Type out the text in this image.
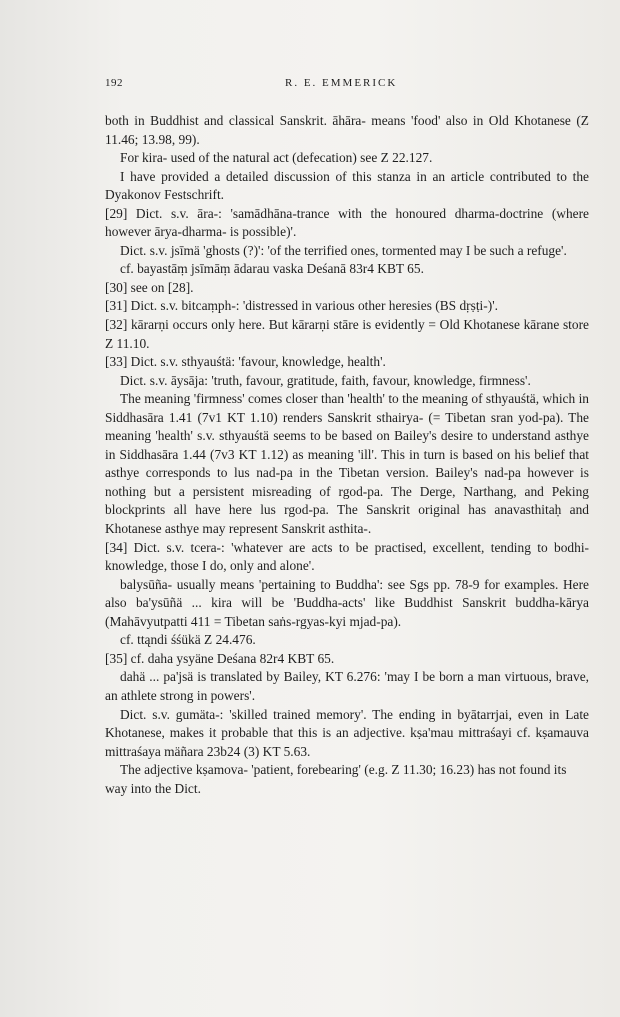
192	R. E. EMMERICK

both in Buddhist and classical Sanskrit. āhāra- means 'food' also in Old Khotanese (Z 11.46; 13.98, 99).

For kira- used of the natural act (defecation) see Z 22.127.

I have provided a detailed discussion of this stanza in an article contributed to the Dyakonov Festschrift.

[29] Dict. s.v. āra-: 'samādhāna-trance with the honoured dharma-doctrine (where however ārya-dharma- is possible)'.

Dict. s.v. jsīmä 'ghosts (?)': 'of the terrified ones, tormented may I be such a refuge'.

cf. bayastāṃ jsīmāṃ ādarau vaska Deśanā 83r4 KBT 65.

[30] see on [28].

[31] Dict. s.v. bitcaṃph-: 'distressed in various other heresies (BS dṛṣṭi-)'.

[32] kārarṇi occurs only here. But kārarṇi stāre is evidently = Old Khotanese kārane store Z 11.10.

[33] Dict. s.v. sthyauśtä: 'favour, knowledge, health'.

Dict. s.v. āysāja: 'truth, favour, gratitude, faith, favour, knowledge, firmness'.

The meaning 'firmness' comes closer than 'health' to the meaning of sthyauśtä, which in Siddhasāra 1.41 (7v1 KT 1.10) renders Sanskrit sthairya- (= Tibetan sran yod-pa). The meaning 'health' s.v. sthyauśtä seems to be based on Bailey's desire to understand asthye in Siddhasāra 1.44 (7v3 KT 1.12) as meaning 'ill'. This in turn is based on his belief that asthye corresponds to lus nad-pa in the Tibetan version. Bailey's nad-pa however is nothing but a persistent misreading of rgod-pa. The Derge, Narthang, and Peking blockprints all have here lus rgod-pa. The Sanskrit original has anavasthitaḥ and Khotanese asthye may represent Sanskrit asthita-.

[34] Dict. s.v. tcera-: 'whatever are acts to be practised, excellent, tending to bodhi-knowledge, those I do, only and alone'.

balysūña- usually means 'pertaining to Buddha': see Sgs pp. 78-9 for examples. Here also ba'ysūñä ... kira will be 'Buddha-acts' like Buddhist Sanskrit buddha-kārya (Mahāvyutpatti 411 = Tibetan saṅs-rgyas-kyi mjad-pa).

cf. ttąndi śśükä Z 24.476.

[35] cf. daha ysyäne Deśana 82r4 KBT 65.

dahä ... pa'jsä is translated by Bailey, KT 6.276: 'may I be born a man virtuous, brave, an athlete strong in powers'.

Dict. s.v. gumäta-: 'skilled trained memory'. The ending in byātarrjai, even in Late Khotanese, makes it probable that this is an adjective. kṣa'mau mittraśayi cf. kṣamauva mittraśaya mäñara 23b24 (3) KT 5.63.

The adjective kṣamova- 'patient, forebearing' (e.g. Z 11.30; 16.23) has not found its way into the Dict.
